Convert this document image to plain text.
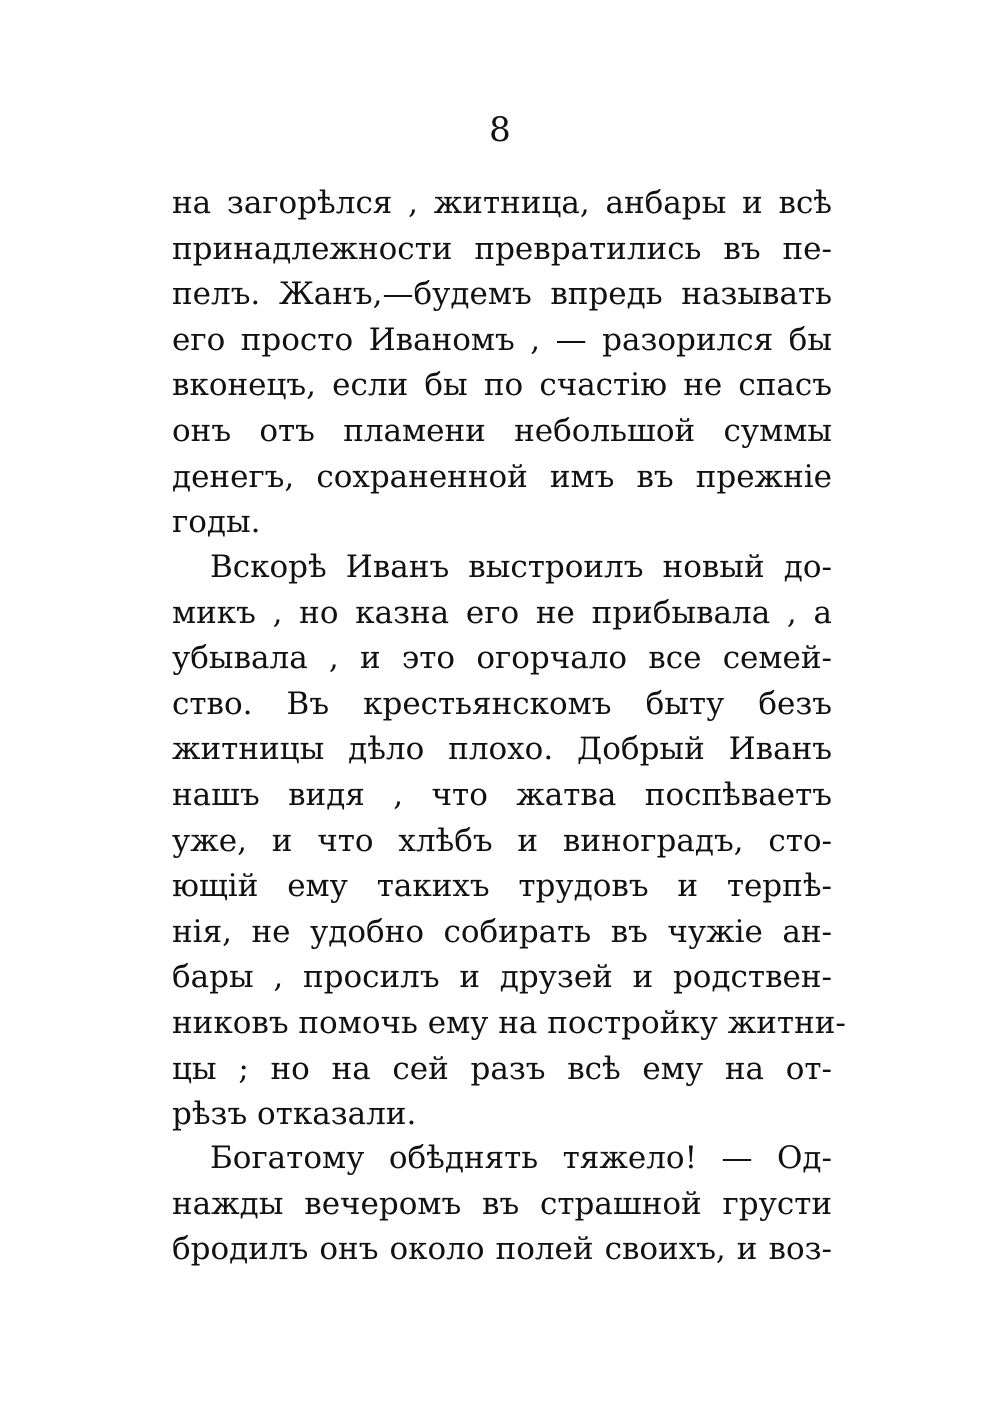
8
на загорѣлся , житница, анбары и всѣ
принадлежности превратились въ пе-
пелъ. Жанъ,—будемъ впредь называть
его просто Иваномъ , — разорился бы
вконецъ, если бы по счастiю не спасъ
онъ отъ пламени небольшой суммы
денегъ, сохраненной имъ въ прежнiе
годы.
Вскорѣ Иванъ выстроилъ новый до-
микъ , но казна его не прибывала , а
убывала , и это огорчало все семей-
ство. Въ крестьянскомъ быту безъ
житницы дѣло плохо. Добрый Иванъ
нашъ видя , что жатва поспѣваетъ
уже, и что хлѣбъ и виноградъ, сто-
ющiй ему такихъ трудовъ и терпѣ-
нiя, не удобно собирать въ чужiе ан-
бары , просилъ и друзей и родствен-
никовъ помочь ему на постройку житни-
цы ; но на сей разъ всѣ ему на от-
рѣзъ отказали.
Богатому обѣднять тяжело! — Од-
нажды вечеромъ въ страшной грусти
бродилъ онъ около полей своихъ, и воз-
